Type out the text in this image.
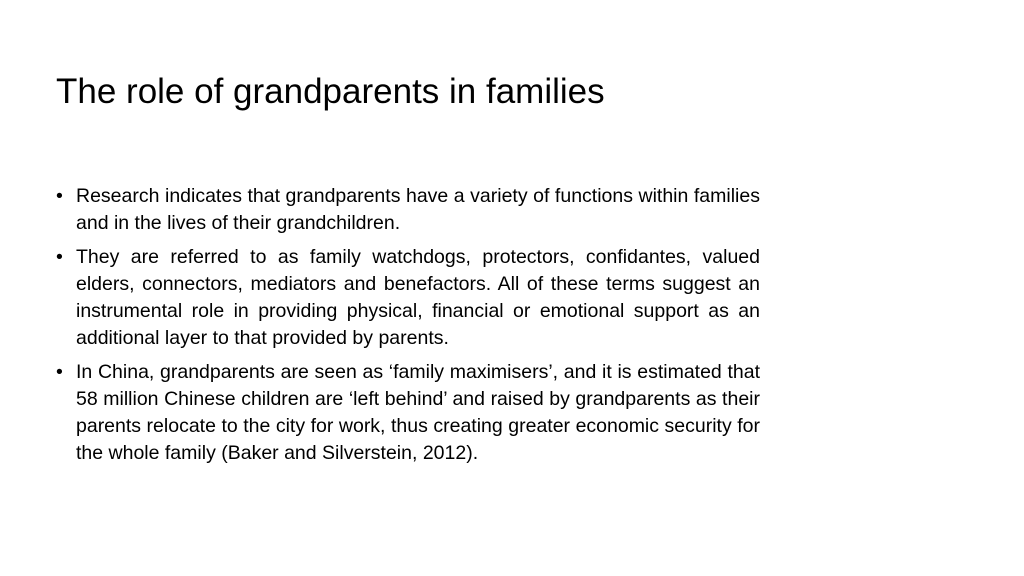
The role of grandparents in families
• Research indicates that grandparents have a variety of functions within families and in the lives of their grandchildren.
• They are referred to as family watchdogs, protectors, confidantes, valued elders, connectors, mediators and benefactors. All of these terms suggest an instrumental role in providing physical, financial or emotional support as an additional layer to that provided by parents.
• In China, grandparents are seen as ‘family maximisers’, and it is estimated that 58 million Chinese children are ‘left behind’ and raised by grandparents as their parents relocate to the city for work, thus creating greater economic security for the whole family (Baker and Silverstein, 2012).
